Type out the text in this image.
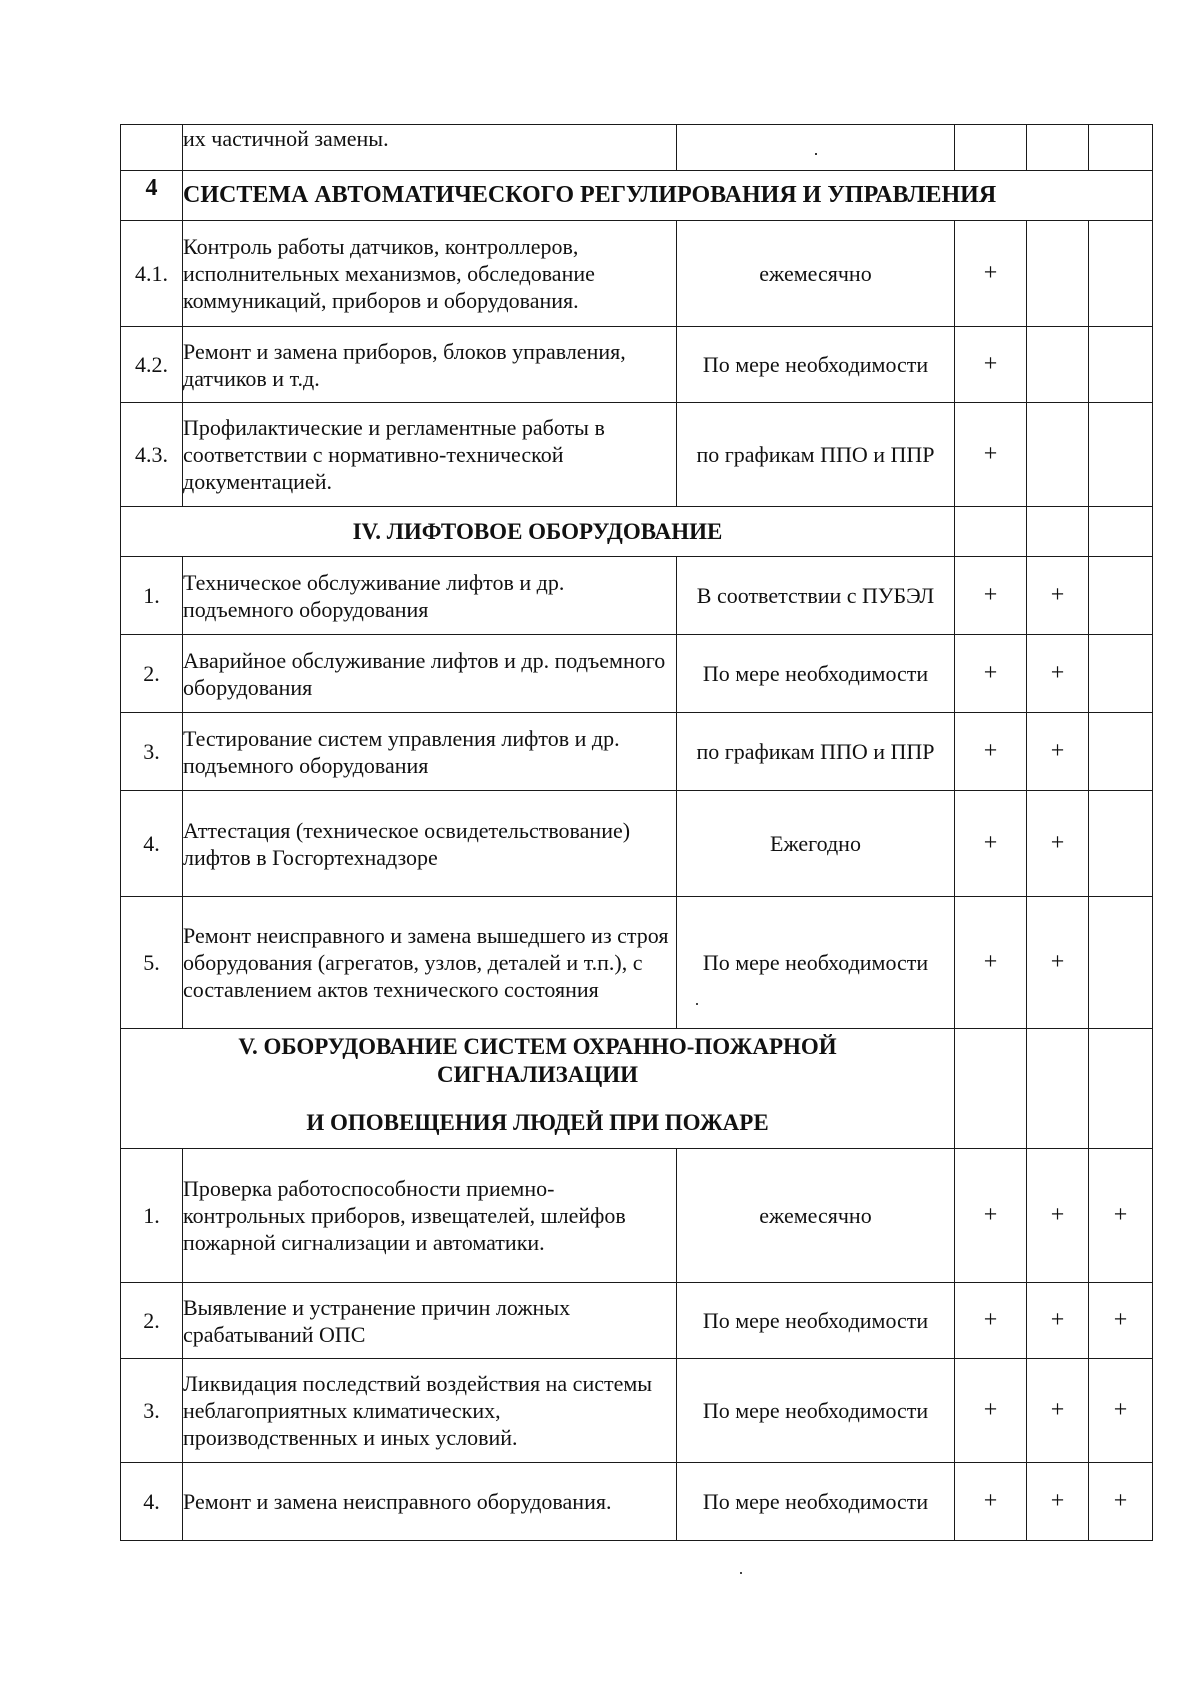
	их частичной замены.				
4	СИСТЕМА АВТОМАТИЧЕСКОГО РЕГУЛИРОВАНИЯ И УПРАВЛЕНИЯ				
4.1.	Контроль работы датчиков, контроллеров, исполнительных механизмов, обследование коммуникаций, приборов и оборудования.	ежемесячно	+		
4.2.	Ремонт и замена приборов, блоков управления, датчиков и т.д.	По мере необходимости	+		
4.3.	Профилактические и регламентные работы в соответствии с нормативно-технической документацией.	по графикам ППО и ППР	+		
IV. ЛИФТОВОЕ ОБОРУДОВАНИЕ					
1.	Техническое обслуживание лифтов и др. подъемного оборудования	В соответствии с ПУБЭЛ	+	+	
2.	Аварийное обслуживание лифтов и др. подъемного оборудования	По мере необходимости	+	+	
3.	Тестирование систем управления лифтов и др. подъемного оборудования	по графикам ППО и ППР	+	+	
4.	Аттестация (техническое освидетельствование) лифтов в Госгортехнадзоре	Ежегодно	+	+	
5.	Ремонт неисправного и замена вышедшего из строя оборудования (агрегатов, узлов, деталей и т.п.), с составлением актов технического состояния	По мере необходимости	+	+	

V. ОБОРУДОВАНИЕ СИСТЕМ ОХРАННО-ПОЖАРНОЙ
СИГНАЛИЗАЦИИ
И ОПОВЕЩЕНИЯ ЛЮДЕЙ ПРИ ПОЖАРЕ					

1.	Проверка работоспособности приемно-контрольных приборов, извещателей, шлейфов пожарной сигнализации и автоматики.	ежемесячно	+	+	+
2.	Выявление и устранение причин ложных срабатываний ОПС	По мере необходимости	+	+	+
3.	Ликвидация последствий воздействия на системы неблагоприятных климатических, производственных и иных условий.	По мере необходимости	+	+	+
4.	Ремонт и замена неисправного оборудования.	По мере необходимости	+	+	+
